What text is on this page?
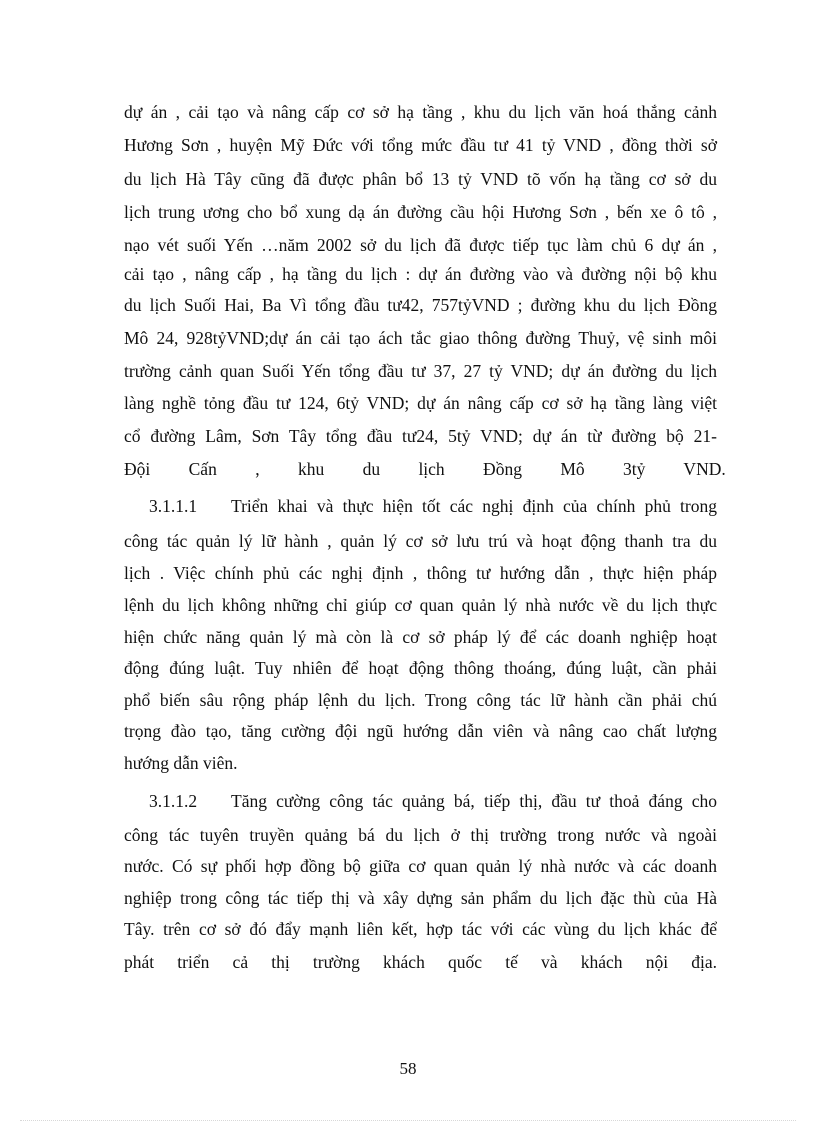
dự án , cải tạo và nâng cấp cơ sở hạ tầng , khu du lịch văn hoá thắng cảnh
Hương Sơn , huyện Mỹ Đức với tổng mức đầu tư 41 tỷ VND , đồng thời sở
du lịch Hà Tây cũng đã được phân bổ 13 tỷ VND tõ vốn hạ tầng cơ sở du
lịch trung ương cho bổ xung dạ án đường cầu hội Hương Sơn , bến xe ô tô ,
nạo vét suối Yến …năm 2002 sở du lịch đã được tiếp tục làm chủ 6 dự án ,
cải tạo , nâng cấp , hạ tầng du lịch : dự án đường vào và đường nội bộ khu
du lịch Suối Hai, Ba Vì tổng đầu tư42, 757tỷVND ; đường khu du lịch Đồng
Mô 24, 928tỷVND;dự án cải tạo ách tắc giao thông đường Thuỷ, vệ sinh môi
trường cảnh quan Suối Yến tổng đầu tư 37, 27 tỷ VND; dự án đường du lịch
làng nghề tỏng đầu tư 124, 6tỷ VND; dự án nâng cấp cơ sở hạ tầng làng việt
cổ đường Lâm, Sơn Tây tổng đầu tư24, 5tỷ VND; dự án từ đường bộ 21-
Đội Cấn , khu du lịch Đồng Mô 3tỷ VND.
3.1.1.1 Triển khai và thực hiện tốt các nghị định của chính phủ trong
công tác quản lý lữ hành , quản lý cơ sở lưu trú và hoạt động thanh tra du
lịch . Việc chính phủ các nghị định , thông tư hướng dẫn , thực hiện pháp
lệnh du lịch không những chỉ giúp cơ quan quản lý nhà nước về du lịch thực
hiện chức năng quản lý mà còn là cơ sở pháp lý để các doanh nghiệp hoạt
động đúng luật. Tuy nhiên để hoạt động thông thoáng, đúng luật, cần phải
phổ biến sâu rộng pháp lệnh du lịch. Trong công tác lữ hành cần phải chú
trọng đào tạo, tăng cường đội ngũ hướng dẫn viên và nâng cao chất lượng
hướng dẫn viên.
3.1.1.2 Tăng cường công tác quảng bá, tiếp thị, đầu tư thoả đáng cho
công tác tuyên truyền quảng bá du lịch ở thị trường trong nước và ngoài
nước. Có sự phối hợp đồng bộ giữa cơ quan quản lý nhà nước và các doanh
nghiệp trong công tác tiếp thị và xây dựng sản phẩm du lịch đặc thù của Hà
Tây. trên cơ sở đó đẩy mạnh liên kết, hợp tác với các vùng du lịch khác để
phát triển cả thị trường khách quốc tế và khách nội địa.
58
